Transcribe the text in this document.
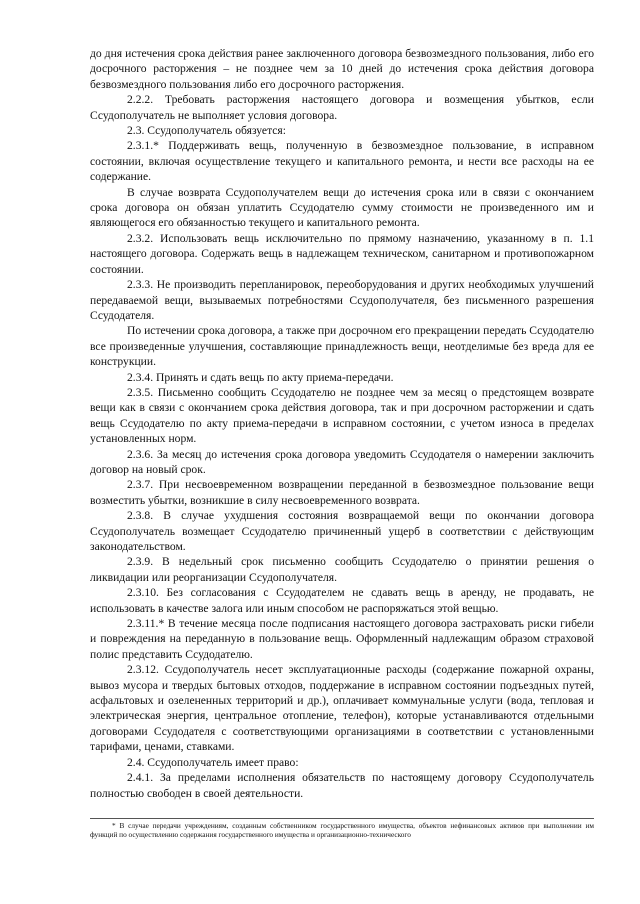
до дня истечения срока действия ранее заключенного договора безвозмездного пользования, либо его досрочного расторжения – не позднее чем за 10 дней до истечения срока действия договора безвозмездного пользования либо его досрочного расторжения.

2.2.2. Требовать расторжения настоящего договора и возмещения убытков, если Ссудополучатель не выполняет условия договора.

2.3. Ссудополучатель обязуется:

2.3.1.* Поддерживать вещь, полученную в безвозмездное пользование, в исправном состоянии, включая осуществление текущего и капитального ремонта, и нести все расходы на ее содержание.

В случае возврата Ссудополучателем вещи до истечения срока или в связи с окончанием срока договора он обязан уплатить Ссудодателю сумму стоимости не произведенного им и являющегося его обязанностью текущего и капитального ремонта.

2.3.2. Использовать вещь исключительно по прямому назначению, указанному в п. 1.1 настоящего договора. Содержать вещь в надлежащем техническом, санитарном и противопожарном состоянии.

2.3.3. Не производить перепланировок, переоборудования и других необходимых улучшений передаваемой вещи, вызываемых потребностями Ссудополучателя, без письменного разрешения Ссудодателя.

По истечении срока договора, а также при досрочном его прекращении передать Ссудодателю все произведенные улучшения, составляющие принадлежность вещи, неотделимые без вреда для ее конструкции.

2.3.4. Принять и сдать вещь по акту приема-передачи.

2.3.5. Письменно сообщить Ссудодателю не позднее чем за месяц о предстоящем возврате вещи как в связи с окончанием срока действия договора, так и при досрочном расторжении и сдать вещь Ссудодателю по акту приема-передачи в исправном состоянии, с учетом износа в пределах установленных норм.

2.3.6. За месяц до истечения срока договора уведомить Ссудодателя о намерении заключить договор на новый срок.

2.3.7. При несвоевременном возвращении переданной в безвозмездное пользование вещи возместить убытки, возникшие в силу несвоевременного возврата.

2.3.8. В случае ухудшения состояния возвращаемой вещи по окончании договора Ссудополучатель возмещает Ссудодателю причиненный ущерб в соответствии с действующим законодательством.

2.3.9. В недельный срок письменно сообщить Ссудодателю о принятии решения о ликвидации или реорганизации Ссудополучателя.

2.3.10. Без согласования с Ссудодателем не сдавать вещь в аренду, не продавать, не использовать в качестве залога или иным способом не распоряжаться этой вещью.

2.3.11.* В течение месяца после подписания настоящего договора застраховать риски гибели и повреждения на переданную в пользование вещь. Оформленный надлежащим образом страховой полис представить Ссудодателю.

2.3.12. Ссудополучатель несет эксплуатационные расходы (содержание пожарной охраны, вывоз мусора и твердых бытовых отходов, поддержание в исправном состоянии подъездных путей, асфальтовых и озелененных территорий и др.), оплачивает коммунальные услуги (вода, тепловая и электрическая энергия, центральное отопление, телефон), которые устанавливаются отдельными договорами Ссудодателя с соответствующими организациями в соответствии с установленными тарифами, ценами, ставками.

2.4. Ссудополучатель имеет право:

2.4.1. За пределами исполнения обязательств по настоящему договору Ссудополучатель полностью свободен в своей деятельности.

* В случае передачи учреждениям, созданным собственником государственного имущества, объектов нефинансовых активов при выполнении им функций по осуществлению содержания государственного имущества и организационно-технического
